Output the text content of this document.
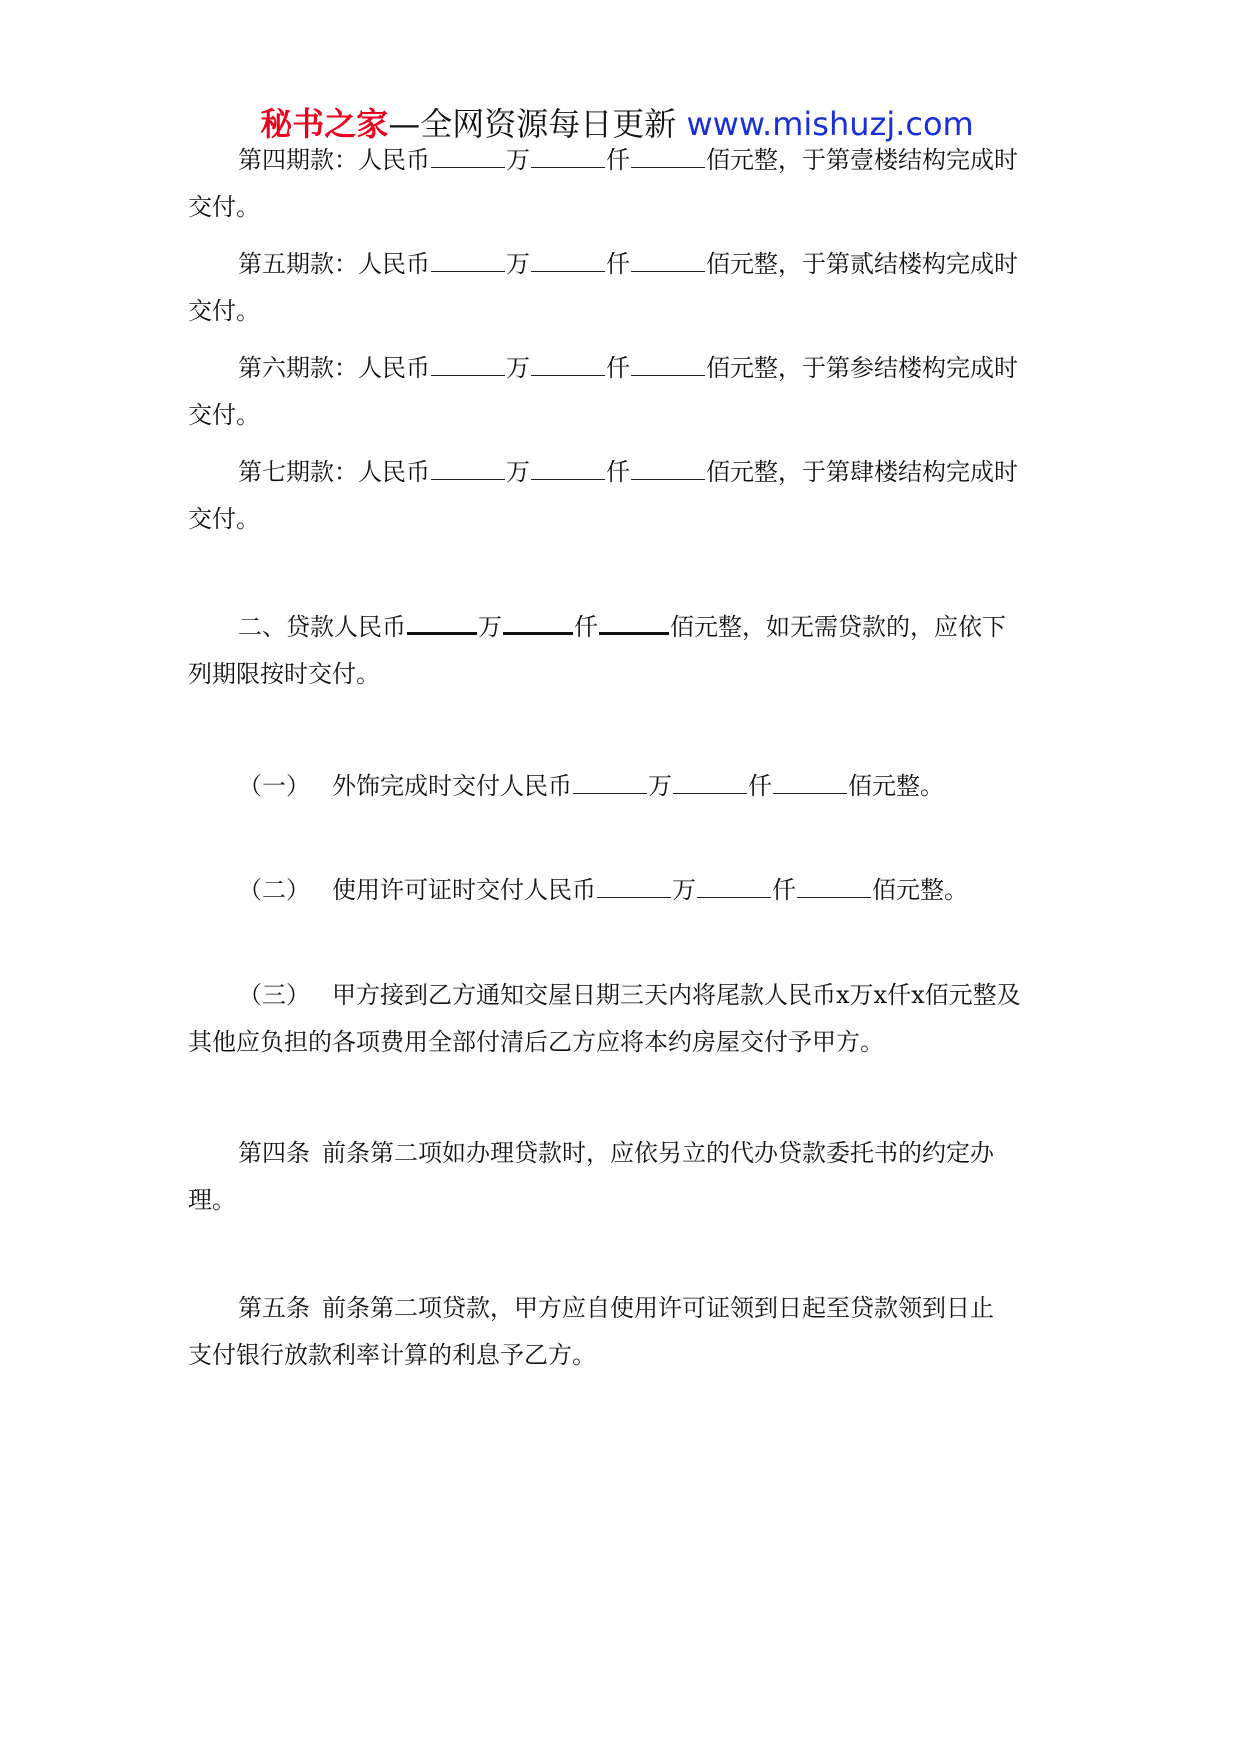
秘书之家—全网资源每日更新 www.mishuzj.com
第四期款：人民币	万	仟	佰元整，于第壹楼结构完成时
交付。
第五期款：人民币	万	仟	佰元整，于第贰结楼构完成时
交付。
第六期款：人民币	万	仟	佰元整，于第参结楼构完成时
交付。
第七期款：人民币	万	仟	佰元整，于第肆楼结构完成时
交付。
二、贷款人民币	万	仟	佰元整，如无需贷款的，应依下
列期限按时交付。
（一） 外饰完成时交付人民币	万	仟	佰元整。
（二） 使用许可证时交付人民币	万	仟	佰元整。
（三） 甲方接到乙方通知交屋日期三天内将尾款人民币x万x仟x佰元整及
其他应负担的各项费用全部付清后乙方应将本约房屋交付予甲方。
第四条 前条第二项如办理贷款时，应依另立的代办贷款委托书的约定办
理。
第五条 前条第二项贷款，甲方应自使用许可证领到日起至贷款领到日止
支付银行放款利率计算的利息予乙方。
